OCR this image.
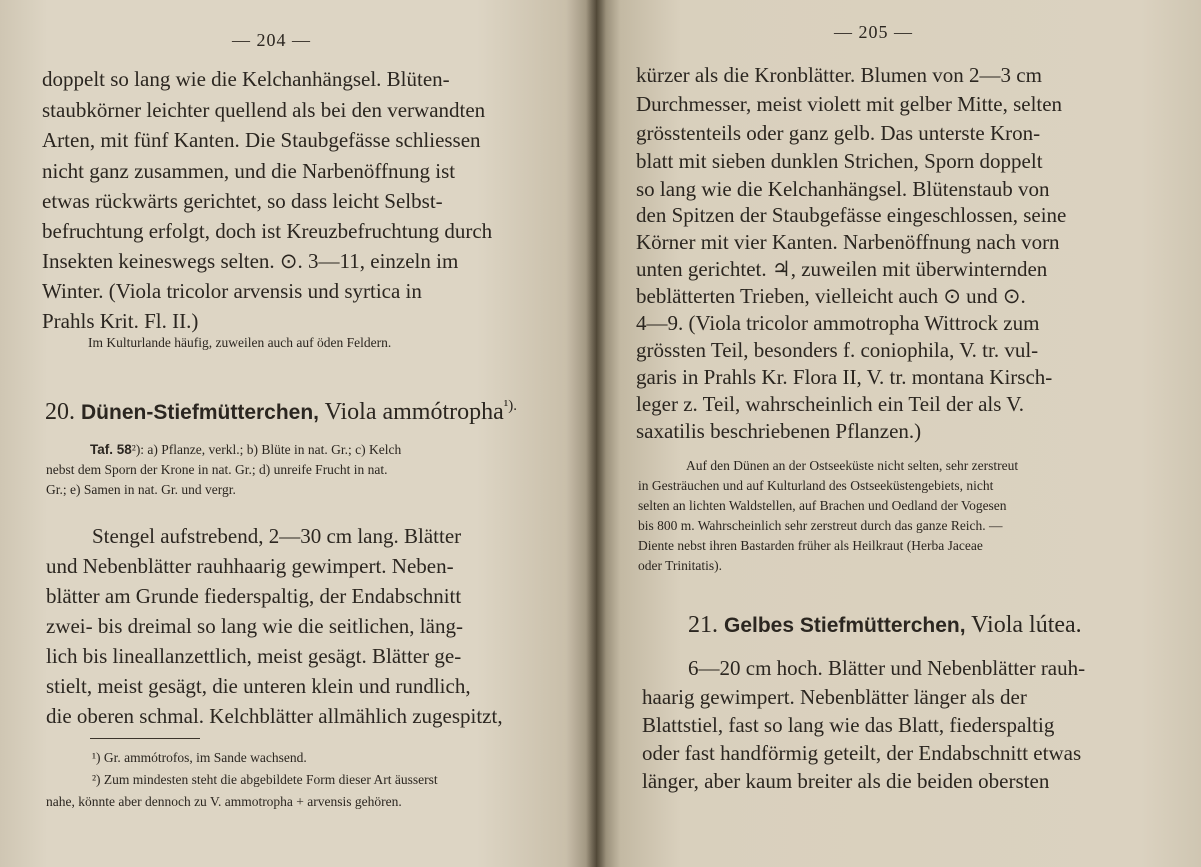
— 204 —
doppelt so lang wie die Kelchanhängsel. Blüten-
staubkörner leichter quellend als bei den verwandten
Arten, mit fünf Kanten. Die Staubgefässe schliessen
nicht ganz zusammen, und die Narbenöffnung ist
etwas rückwärts gerichtet, so dass leicht Selbst-
befruchtung erfolgt, doch ist Kreuzbefruchtung durch
Insekten keineswegs selten. ⊙. 3—11, einzeln im
Winter. (Viola tricolor arvensis und syrtica in
Prahls Krit. Fl. II.)
Im Kulturlande häufig, zuweilen auch auf öden Feldern.
20. Dünen-Stiefmütterchen, Viola ammótropha$^{^1).}$
Taf. 58²): a) Pflanze, verkl.; b) Blüte in nat. Gr.; c) Kelch
nebst dem Sporn der Krone in nat. Gr.; d) unreife Frucht in nat.
Gr.; e) Samen in nat. Gr. und vergr.
Stengel aufstrebend, 2—30 cm lang. Blätter
und Nebenblätter rauhhaarig gewimpert. Neben-
blätter am Grunde fiederspaltig, der Endabschnitt
zwei- bis dreimal so lang wie die seitlichen, läng-
lich bis lineallanzettlich, meist gesägt. Blätter ge-
stielt, meist gesägt, die unteren klein und rundlich,
die oberen schmal. Kelchblätter allmählich zugespitzt,
¹) Gr. ammótrofos, im Sande wachsend.
²) Zum mindesten steht die abgebildete Form dieser Art äusserst
nahe, könnte aber dennoch zu V. ammotropha + arvensis gehören.
— 205 —
kürzer als die Kronblätter. Blumen von 2—3 cm
Durchmesser, meist violett mit gelber Mitte, selten
grösstenteils oder ganz gelb. Das unterste Kron-
blatt mit sieben dunklen Strichen, Sporn doppelt
so lang wie die Kelchanhängsel. Blütenstaub von
den Spitzen der Staubgefässe eingeschlossen, seine
Körner mit vier Kanten. Narbenöffnung nach vorn
unten gerichtet. ♃, zuweilen mit überwinternden
beblätterten Trieben, vielleicht auch ⊙ und ⊙.
4—9. (Viola tricolor ammotropha Wittrock zum
grössten Teil, besonders f. coniophila, V. tr. vul-
garis in Prahls Kr. Flora II, V. tr. montana Kirsch-
leger z. Teil, wahrscheinlich ein Teil der als V.
saxatilis beschriebenen Pflanzen.)
Auf den Dünen an der Ostseeküste nicht selten, sehr zerstreut
in Gesträuchen und auf Kulturland des Ostseeküstengebiets, nicht
selten an lichten Waldstellen, auf Brachen und Oedland der Vogesen
bis 800 m. Wahrscheinlich sehr zerstreut durch das ganze Reich. —
Diente nebst ihren Bastarden früher als Heilkraut (Herba Jaceae
oder Trinitatis).
21. Gelbes Stiefmütterchen, Viola lútea.
6—20 cm hoch. Blätter und Nebenblätter rauh-
haarig gewimpert. Nebenblätter länger als der
Blattstiel, fast so lang wie das Blatt, fiederspaltig
oder fast handförmig geteilt, der Endabschnitt etwas
länger, aber kaum breiter als die beiden obersten
